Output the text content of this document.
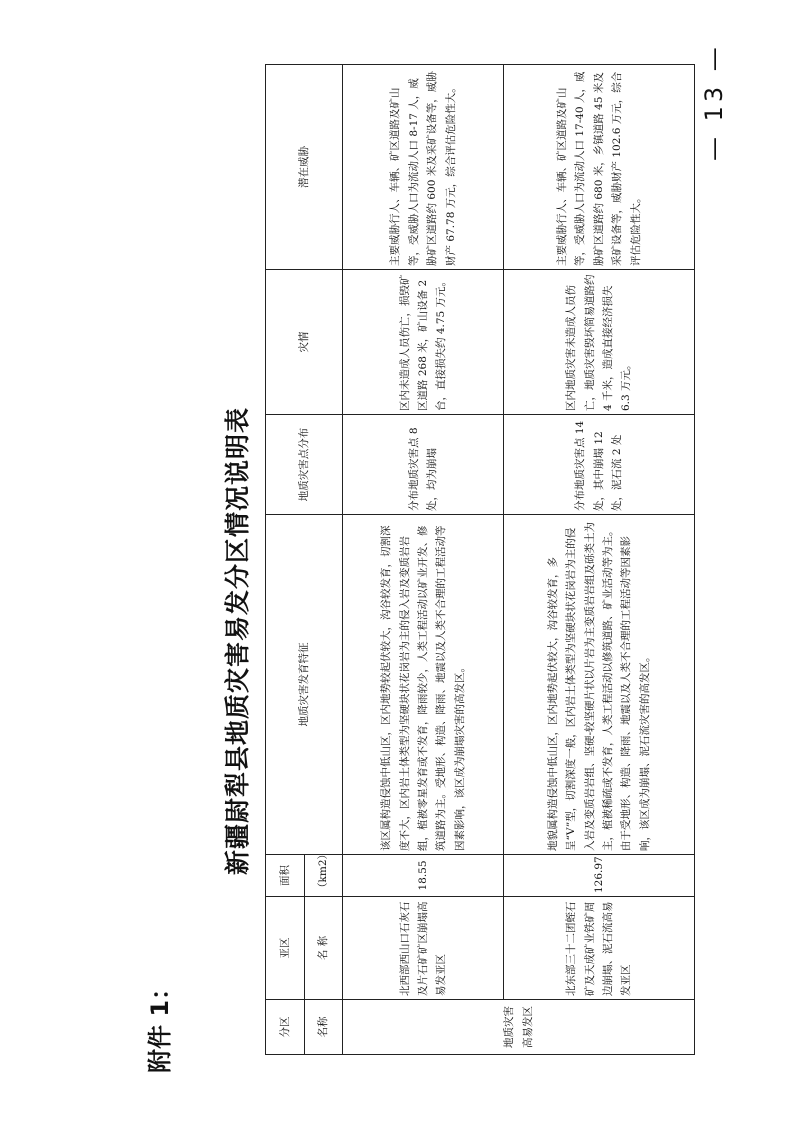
附件 1：
新疆尉犁县地质灾害易发分区情况说明表
分区	亚区	面积	地质灾害发育特征	地质灾害点分布	灾情	潜在威胁
名称	名 称	（km2）				
地质灾害高易发区	北西部西山口石灰石及片石矿矿区崩塌高易发亚区	18.55	该区属构造侵蚀中低山区，区内地势较起伏较大，沟谷较发育，切割深度不大，区内岩土体类型为坚硬块状花岗岩为主的侵入岩及变质岩岩组，植被零星发育或不发育，降雨较少，人类工程活动以矿业开发、修筑道路为主。受地形、构造、降雨、地震以及人类不合理的工程活动等因素影响，该区成为崩塌灾害的高发区。	分布地质灾害点 8 处，均为崩塌	区内未造成人员伤亡，损毁矿区道路 268 米，矿山设备 2 台，直接损失约 4.75 万元。	主要威胁行人、车辆、矿区道路及矿山等，受威胁人口为流动人口 8-17 人，威胁矿区道路约 600 米及采矿设备等，威胁财产 67.78 万元，综合评估危险性大。
	北东部三十二团蛭石矿及天成矿业铁矿周边崩塌、泥石流高易发亚区	126.97	地貌属构造侵蚀中低山区，区内地势起伏较大，沟谷较发育，多呈“V”型，切割深度一般，区内岩土体类型为坚硬块状花岗岩为主的侵入岩及变质岩岩组、坚硬-较坚硬片状以片岩为主变质岩岩组及砾类土为主，植被稀疏或不发育，人类工程活动以修筑道路、矿业活动等为主。由于受地形、构造、降雨、地震以及人类不合理的工程活动等因素影响，该区成为崩塌、泥石流灾害的高发区。	分布地质灾害点 14 处，其中崩塌 12 处，泥石流 2 处	区内地质灾害未造成人员伤亡，地质灾害毁坏简易道路约 4 千米，造成直接经济损失 6.3 万元。	主要威胁行人、车辆、矿区道路及矿山等，受威胁人口为流动人口 17-40 人，威胁矿区道路约 680 米，乡镇道路 45 米及采矿设备等，威胁财产 102.6 万元，综合评估危险性大。
— 13 —
